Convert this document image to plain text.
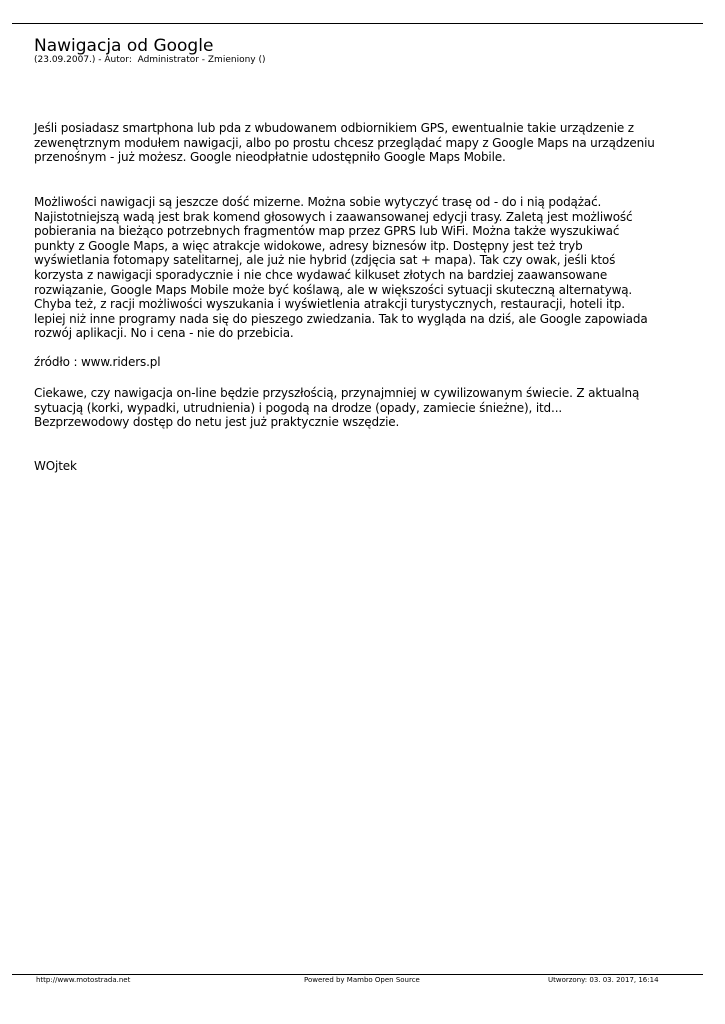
Nawigacja od Google
(23.09.2007.) - Autor:  Administrator - Zmieniony ()
Jeśli posiadasz smartphona lub pda z wbudowanem odbiornikiem GPS, ewentualnie takie urządzenie z
zewenętrznym modułem nawigacji, albo po prostu chcesz przeglądać mapy z Google Maps na urządzeniu
przenośnym - już możesz. Google nieodpłatnie udostępniło Google Maps Mobile.
Możliwości nawigacji są jeszcze dość mizerne. Można sobie wytyczyć trasę od - do i nią podążać.
Najistotniejszą wadą jest brak komend głosowych i zaawansowanej edycji trasy. Zaletą jest możliwość
pobierania na bieżąco potrzebnych fragmentów map przez GPRS lub WiFi. Można także wyszukiwać
punkty z Google Maps, a więc atrakcje widokowe, adresy biznesów itp. Dostępny jest też tryb
wyświetlania fotomapy satelitarnej, ale już nie hybrid (zdjęcia sat + mapa). Tak czy owak, jeśli ktoś
korzysta z nawigacji sporadycznie i nie chce wydawać kilkuset złotych na bardziej zaawansowane
rozwiązanie, Google Maps Mobile może być koślawą, ale w większości sytuacji skuteczną alternatywą.
Chyba też, z racji możliwości wyszukania i wyświetlenia atrakcji turystycznych, restauracji, hoteli itp.
lepiej niż inne programy nada się do pieszego zwiedzania. Tak to wygląda na dziś, ale Google zapowiada
rozwój aplikacji. No i cena - nie do przebicia.
źródło : www.riders.pl
Ciekawe, czy nawigacja on-line będzie przyszłością, przynajmniej w cywilizowanym świecie. Z aktualną
sytuacją (korki, wypadki, utrudnienia) i pogodą na drodze (opady, zamiecie śnieżne), itd...
Bezprzewodowy dostęp do netu jest już praktycznie wszędzie.
WOjtek
http://www.motostrada.net	Powered by Mambo Open Source	Utworzony: 03. 03. 2017, 16:14
